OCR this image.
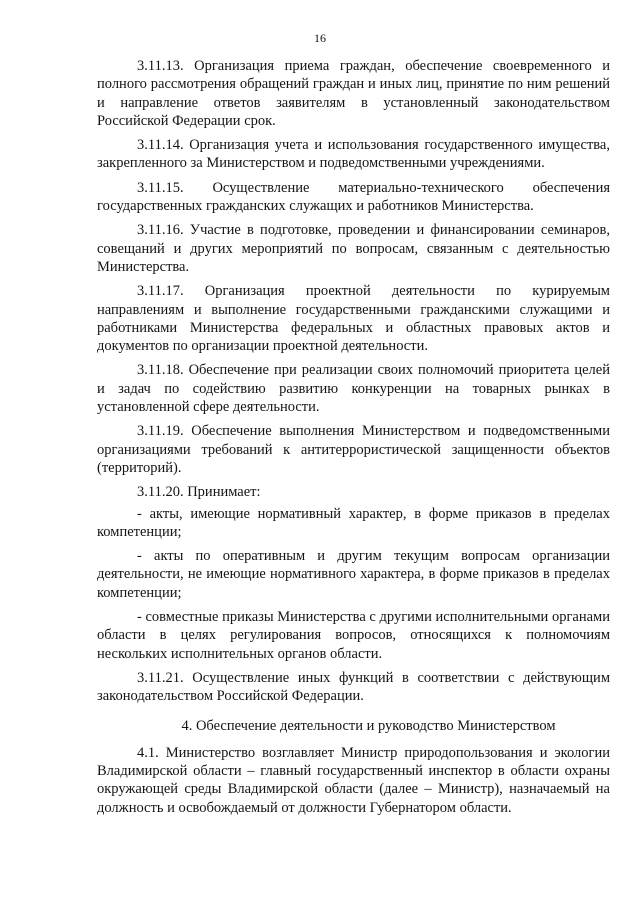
16

3.11.13. Организация приема граждан, обеспечение своевременного и полного рассмотрения обращений граждан и иных лиц, принятие по ним решений и направление ответов заявителям в установленный законодательством Российской Федерации срок.

3.11.14. Организация учета и использования государственного имущества, закрепленного за Министерством и подведомственными учреждениями.

3.11.15. Осуществление материально-технического обеспечения государственных гражданских служащих и работников Министерства.

3.11.16. Участие в подготовке, проведении и финансировании семинаров, совещаний и других мероприятий по вопросам, связанным с деятельностью Министерства.

3.11.17. Организация проектной деятельности по курируемым направлениям и выполнение государственными гражданскими служащими и работниками Министерства федеральных и областных правовых актов и документов по организации проектной деятельности.

3.11.18. Обеспечение при реализации своих полномочий приоритета целей и задач по содействию развитию конкуренции на товарных рынках в установленной сфере деятельности.

3.11.19. Обеспечение выполнения Министерством и подведомственными организациями требований к антитеррористической защищенности объектов (территорий).

3.11.20. Принимает:

- акты, имеющие нормативный характер, в форме приказов в пределах компетенции;

- акты по оперативным и другим текущим вопросам организации деятельности, не имеющие нормативного характера, в форме приказов в пределах компетенции;

- совместные приказы Министерства с другими исполнительными органами области в целях регулирования вопросов, относящихся к полномочиям нескольких исполнительных органов области.

3.11.21. Осуществление иных функций в соответствии с действующим законодательством Российской Федерации.

4. Обеспечение деятельности и руководство Министерством

4.1. Министерство возглавляет Министр природопользования и экологии Владимирской области – главный государственный инспектор в области охраны окружающей среды Владимирской области (далее – Министр), назначаемый на должность и освобождаемый от должности Губернатором области.
